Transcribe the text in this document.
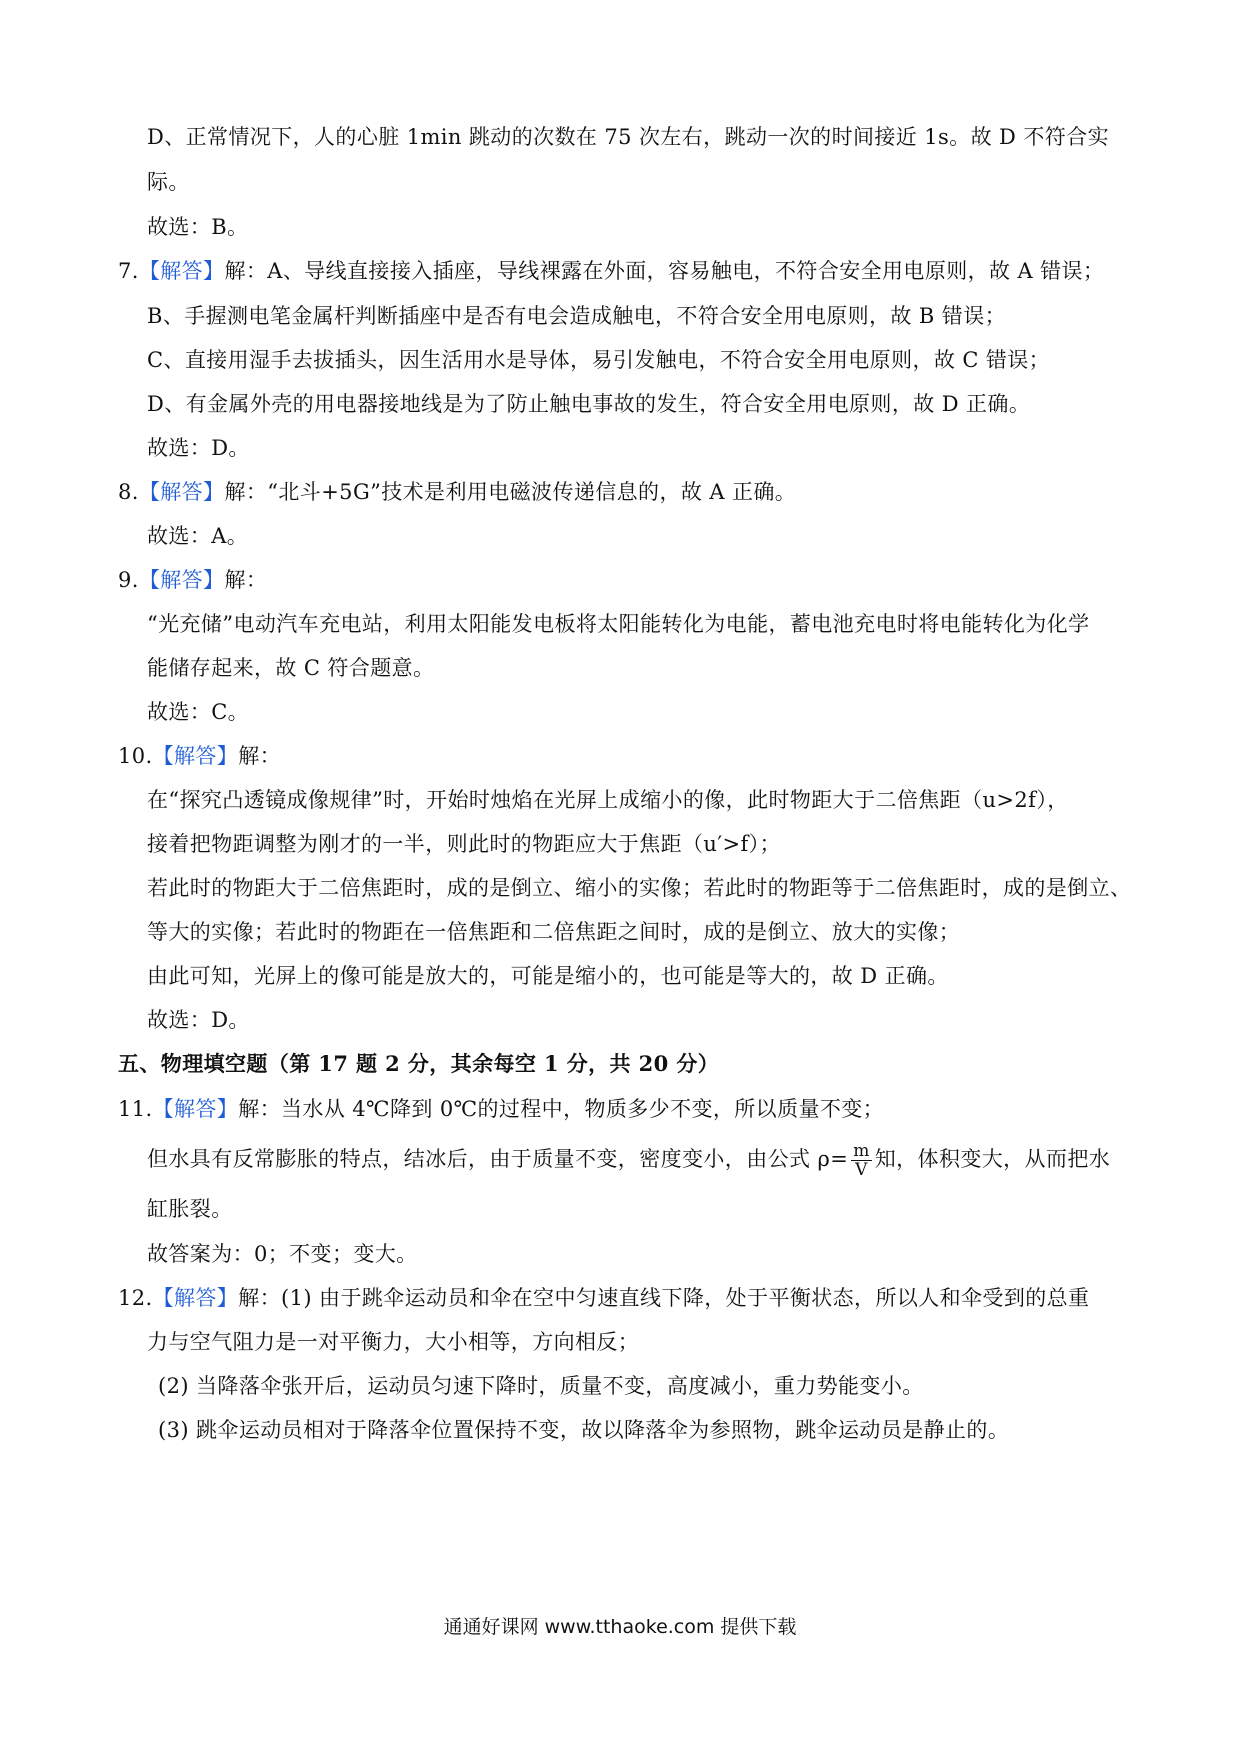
D、正常情况下，人的心脏 1min 跳动的次数在 75 次左右，跳动一次的时间接近 1s。故 D 不符合实
际。
故选：B。
7.【解答】解：A、导线直接接入插座，导线裸露在外面，容易触电，不符合安全用电原则，故 A 错误；
B、手握测电笔金属杆判断插座中是否有电会造成触电，不符合安全用电原则，故 B 错误；
C、直接用湿手去拔插头，因生活用水是导体，易引发触电，不符合安全用电原则，故 C 错误；
D、有金属外壳的用电器接地线是为了防止触电事故的发生，符合安全用电原则，故 D 正确。
故选：D。
8.【解答】解：“北斗+5G”技术是利用电磁波传递信息的，故 A 正确。
故选：A。
9.【解答】解：
“光充储”电动汽车充电站，利用太阳能发电板将太阳能转化为电能，蓄电池充电时将电能转化为化学
能储存起来，故 C 符合题意。
故选：C。
10.【解答】解：
在“探究凸透镜成像规律”时，开始时烛焰在光屏上成缩小的像，此时物距大于二倍焦距（u>2f），
接着把物距调整为刚才的一半，则此时的物距应大于焦距（u′>f）；
若此时的物距大于二倍焦距时，成的是倒立、缩小的实像；若此时的物距等于二倍焦距时，成的是倒立、
等大的实像；若此时的物距在一倍焦距和二倍焦距之间时，成的是倒立、放大的实像；
由此可知，光屏上的像可能是放大的，可能是缩小的，也可能是等大的，故 D 正确。
故选：D。
五、物理填空题（第 17 题 2 分，其余每空 1 分，共 20 分）
11.【解答】解：当水从 4℃降到 0℃的过程中，物质多少不变，所以质量不变；
但水具有反常膨胀的特点，结冰后，由于质量不变，密度变小，由公式 $\rho= \frac{m}{V}$ 知，体积变大，从而把水
缸胀裂。
故答案为：0；不变；变大。
12.【解答】解：(1) 由于跳伞运动员和伞在空中匀速直线下降，处于平衡状态，所以人和伞受到的总重
力与空气阻力是一对平衡力，大小相等，方向相反；
(2) 当降落伞张开后，运动员匀速下降时，质量不变，高度减小，重力势能变小。
(3) 跳伞运动员相对于降落伞位置保持不变，故以降落伞为参照物，跳伞运动员是静止的。
通通好课网 www.tthaoke.com 提供下载
